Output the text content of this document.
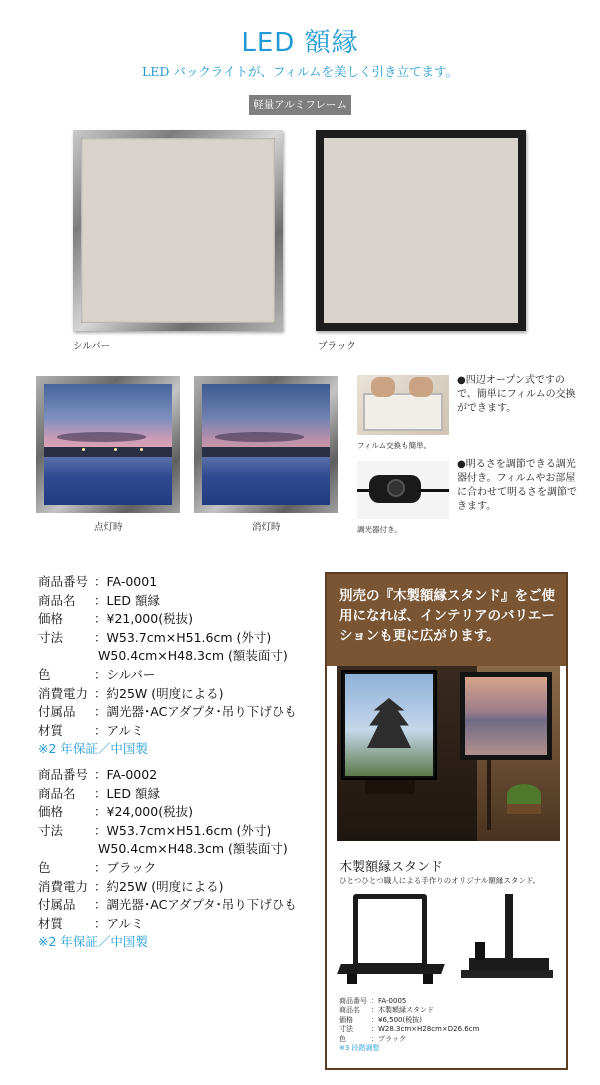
LED 額縁
LED バックライトが、フィルムを美しく引き立てます。
軽量アルミフレーム
シルバー	ブラック
点灯時	消灯時
フィルム交換も簡単。
●四辺オープン式ですので、簡単にフィルムの交換ができます。
調光器付き。
●明るさを調節できる調光器付き。フィルムやお部屋に合わせて明るさを調節できます。
商品番号 ：FA-0001
商品名	：LED 額縁
価格	：¥21,000(税抜)
寸法	：W53.7cm×H51.6cm (外寸)
W50.4cm×H48.3cm (額装面寸)
色	：シルバー
消費電力 ：約25W (明度による)
付属品	：調光器･ACアダプタ･吊り下げひも
材質	：アルミ
※2 年保証／中国製
商品番号 ：FA-0002
商品名	：LED 額縁
価格	：¥24,000(税抜)
寸法	：W53.7cm×H51.6cm (外寸)
W50.4cm×H48.3cm (額装面寸)
色	：ブラック
消費電力 ：約25W (明度による)
付属品	：調光器･ACアダプタ･吊り下げひも
材質	：アルミ
※2 年保証／中国製
別売の『木製額縁スタンド』をご使用になれば、インテリアのバリエーションも更に広がります。
木製額縁スタンド
ひとつひとつ職人による手作りのオリジナル額縁スタンド。
商品番号 ：FA-0005
商品名 ：木製額縁スタンド
価格	：¥6,500(税抜)
寸法	：W28.3cm×H28cm×D26.6cm
色	：ブラック
※3 段階調整
